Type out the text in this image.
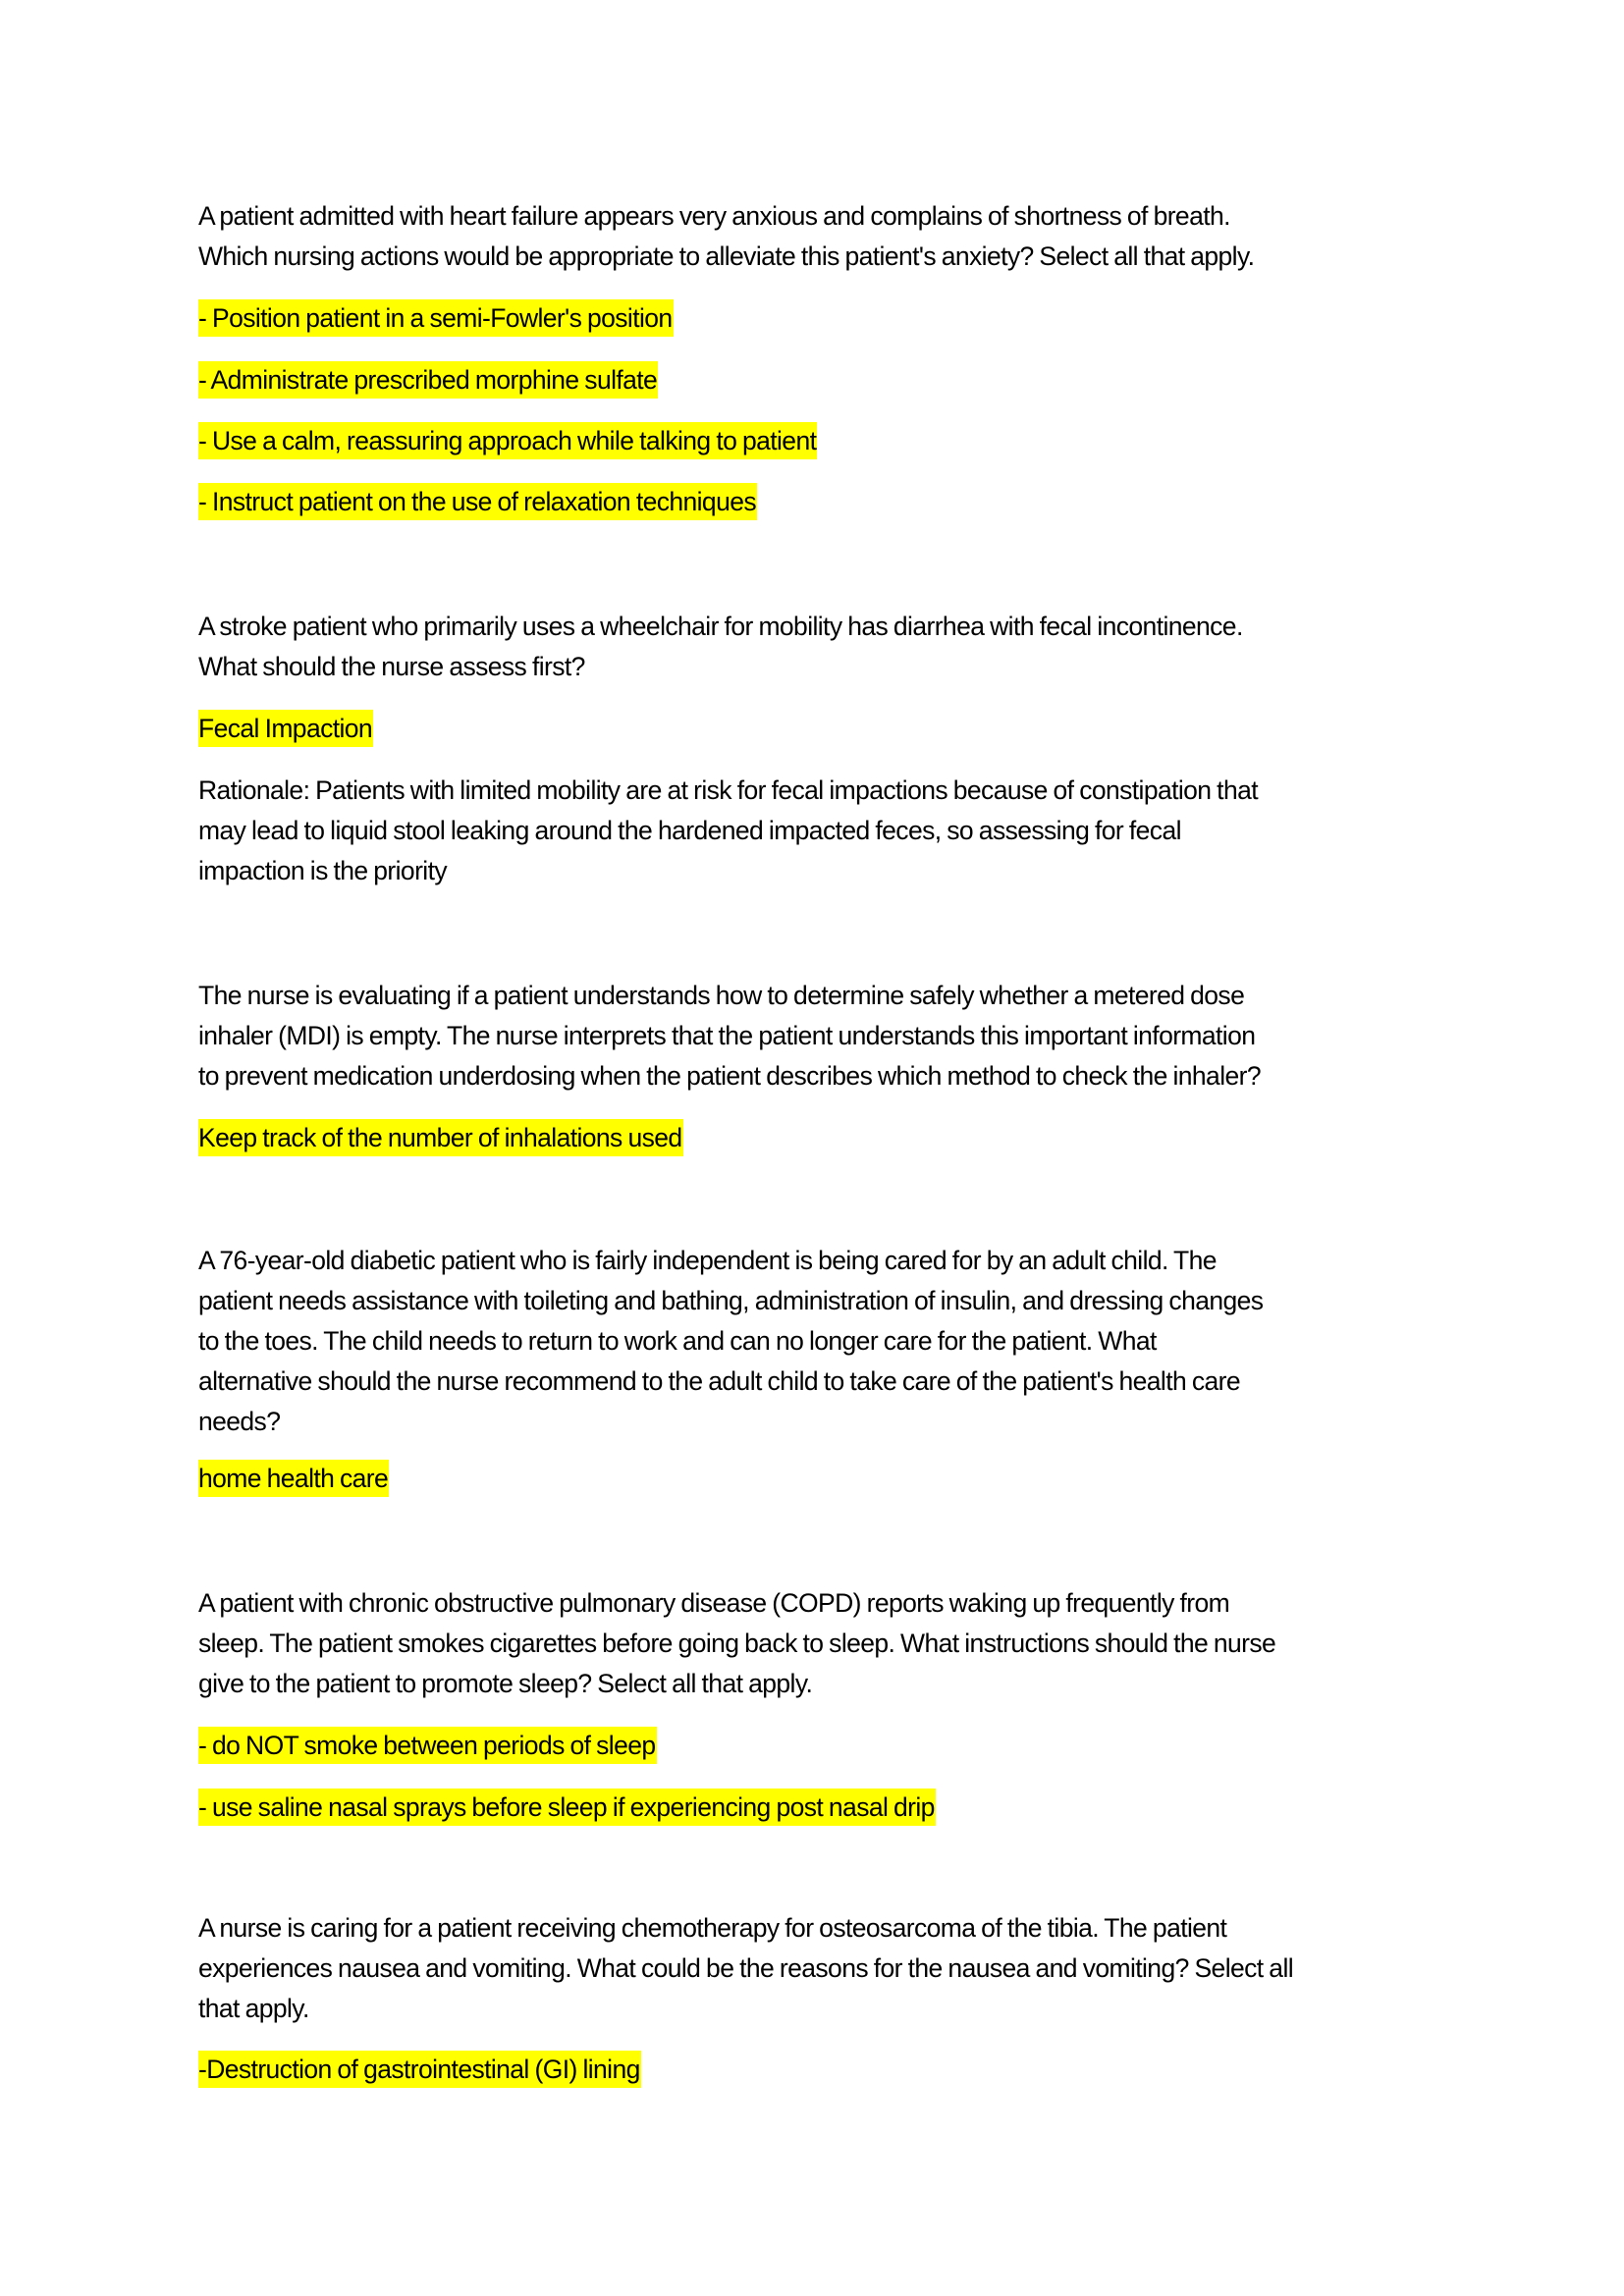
A patient admitted with heart failure appears very anxious and complains of shortness of breath.
Which nursing actions would be appropriate to alleviate this patient's anxiety? Select all that apply.

- Position patient in a semi-Fowler's position
- Administrate prescribed morphine sulfate
- Use a calm, reassuring approach while talking to patient
- Instruct patient on the use of relaxation techniques

A stroke patient who primarily uses a wheelchair for mobility has diarrhea with fecal incontinence.
What should the nurse assess first?

Fecal Impaction

Rationale: Patients with limited mobility are at risk for fecal impactions because of constipation that
may lead to liquid stool leaking around the hardened impacted feces, so assessing for fecal
impaction is the priority

The nurse is evaluating if a patient understands how to determine safely whether a metered dose
inhaler (MDI) is empty. The nurse interprets that the patient understands this important information
to prevent medication underdosing when the patient describes which method to check the inhaler?

Keep track of the number of inhalations used

A 76-year-old diabetic patient who is fairly independent is being cared for by an adult child. The
patient needs assistance with toileting and bathing, administration of insulin, and dressing changes
to the toes. The child needs to return to work and can no longer care for the patient. What
alternative should the nurse recommend to the adult child to take care of the patient's health care
needs?

home health care

A patient with chronic obstructive pulmonary disease (COPD) reports waking up frequently from
sleep. The patient smokes cigarettes before going back to sleep. What instructions should the nurse
give to the patient to promote sleep? Select all that apply.

- do NOT smoke between periods of sleep
- use saline nasal sprays before sleep if experiencing post nasal drip

A nurse is caring for a patient receiving chemotherapy for osteosarcoma of the tibia. The patient
experiences nausea and vomiting. What could be the reasons for the nausea and vomiting? Select all
that apply.

-Destruction of gastrointestinal (GI) lining
